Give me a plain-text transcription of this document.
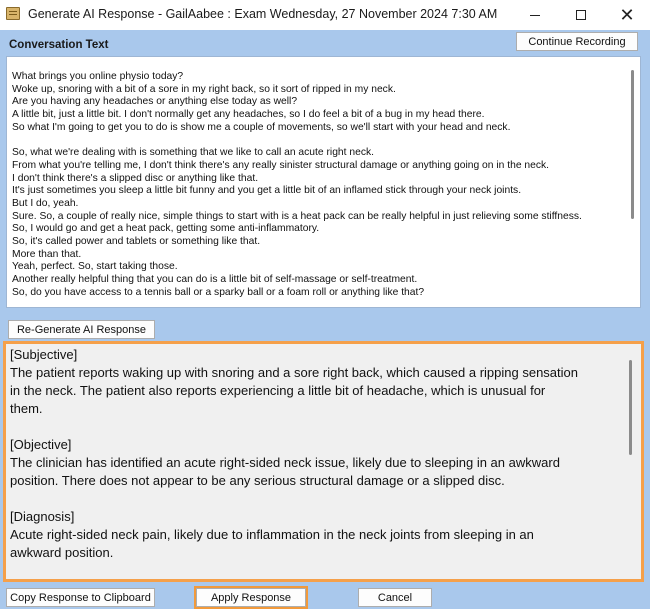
Generate AI Response - GailAabee : Exam Wednesday, 27 November 2024 7:30 AM	✕
Conversation Text	Continue Recording
What brings you online physio today?
Woke up, snoring with a bit of a sore in my right back, so it sort of ripped in my neck.
Are you having any headaches or anything else today as well?
A little bit, just a little bit. I don't normally get any headaches, so I do feel a bit of a bug in my head there.
So what I'm going to get you to do is show me a couple of movements, so we'll start with your head and neck.
So, what we're dealing with is something that we like to call an acute right neck.
From what you're telling me, I don't think there's any really sinister structural damage or anything going on in the neck.
I don't think there's a slipped disc or anything like that.
It's just sometimes you sleep a little bit funny and you get a little bit of an inflamed stick through your neck joints.
But I do, yeah.
Sure. So, a couple of really nice, simple things to start with is a heat pack can be really helpful in just relieving some stiffness.
So, I would go and get a heat pack, getting some anti-inflammatory.
So, it's called power and tablets or something like that.
More than that.
Yeah, perfect. So, start taking those.
Another really helpful thing that you can do is a little bit of self-massage or self-treatment.
So, do you have access to a tennis ball or a sparky ball or a foam roll or anything like that?
Re-Generate AI Response
[Subjective]
The patient reports waking up with snoring and a sore right back, which caused a ripping sensation
in the neck. The patient also reports experiencing a little bit of headache, which is unusual for
them.
[Objective]
The clinician has identified an acute right-sided neck issue, likely due to sleeping in an awkward
position. There does not appear to be any serious structural damage or a slipped disc.
[Diagnosis]
Acute right-sided neck pain, likely due to inflammation in the neck joints from sleeping in an
awkward position.
Copy Response to Clipboard	Apply Response	Cancel
